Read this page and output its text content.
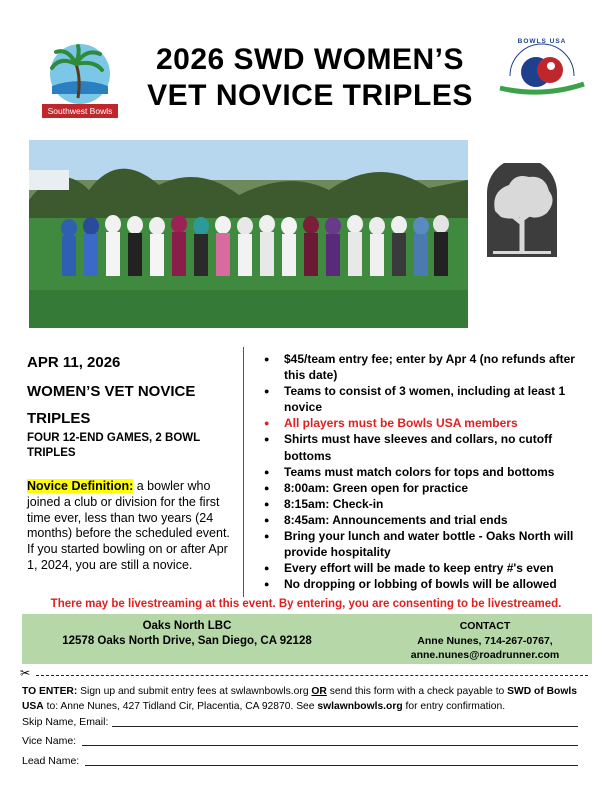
Southwest Bowls
2026 SWD WOMEN’S
VET NOVICE TRIPLES
BOWLS USA
APR 11, 2026
WOMEN’S VET NOVICE TRIPLES
FOUR 12-END GAMES, 2 BOWL TRIPLES
Novice Definition: a bowler who joined a club or division for the first time ever, less than two years (24 months) before the scheduled event. If you started bowling on or after Apr 1, 2024, you are still a novice.
● $45/team entry fee; enter by Apr 4 (no refunds after this date)
● Teams to consist of 3 women, including at least 1 novice
● All players must be Bowls USA members
● Shirts must have sleeves and collars, no cutoff bottoms
● Teams must match colors for tops and bottoms
● 8:00am: Green open for practice
● 8:15am: Check-in
● 8:45am: Announcements and trial ends
● Bring your lunch and water bottle - Oaks North will provide hospitality
● Every effort will be made to keep entry #'s even
● No dropping or lobbing of bowls will be allowed
There may be livestreaming at this event. By entering, you are consenting to be livestreamed.
Oaks North LBC
12578 Oaks North Drive, San Diego, CA 92128
CONTACT
Anne Nunes, 714-267-0767,
anne.nunes@roadrunner.com
✂
TO ENTER: Sign up and submit entry fees at swlawnbowls.org OR send this form with a check payable to SWD of Bowls USA to: Anne Nunes, 427 Tidland Cir, Placentia, CA 92870. See swlawnbowls.org for entry confirmation.
Skip Name, Email:
Vice Name:
Lead Name:
